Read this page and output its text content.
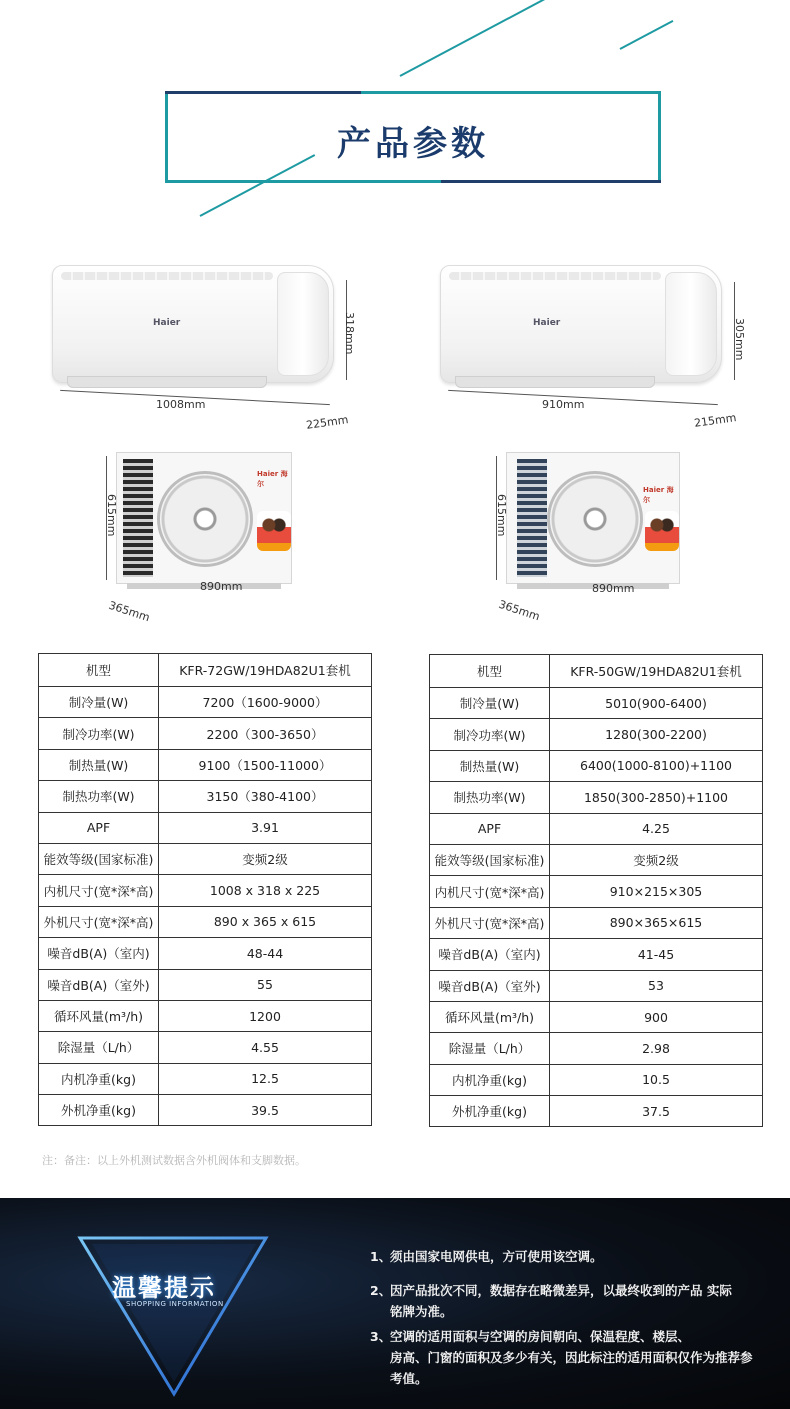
产品参数
Haier	318mm
1008mm
225mm
Haier	305mm
910mm
215mm
Haier 海尔
615mm
890mm
365mm
Haier 海尔
615mm
890mm
365mm
机型	KFR-72GW/19HDA82U1套机
制冷量(W)	7200（1600-9000）
制冷功率(W)	2200（300-3650）
制热量(W)	9100（1500-11000）
制热功率(W)	3150（380-4100）
APF	3.91
能效等级(国家标准)	变频2级
内机尺寸(宽*深*高)	1008 x 318 x 225
外机尺寸(宽*深*高)	890 x 365 x 615
噪音dB(A)（室内)	48-44
噪音dB(A)（室外)	55
循环风量(m³/h)	1200
除湿量（L/h）	4.55
内机净重(kg)	12.5
外机净重(kg)	39.5
机型	KFR-50GW/19HDA82U1套机
制冷量(W)	5010(900-6400)
制冷功率(W)	1280(300-2200)
制热量(W)	6400(1000-8100)+1100
制热功率(W)	1850(300-2850)+1100
APF	4.25
能效等级(国家标准)	变频2级
内机尺寸(宽*深*高)	910×215×305
外机尺寸(宽*深*高)	890×365×615
噪音dB(A)（室内)	41-45
噪音dB(A)（室外)	53
循环风量(m³/h)	900
除湿量（L/h）	2.98
内机净重(kg)	10.5
外机净重(kg)	37.5
注：备注：以上外机测试数据含外机阀体和支脚数据。
温馨提示
SHOPPING INFORMATION
1、须由国家电网供电，方可使用该空调。
2、因产品批次不同，数据存在略微差异，以最终收到的产品 实际
铭牌为准。
3、空调的适用面积与空调的房间朝向、保温程度、楼层、
房高、门窗的面积及多少有关，因此标注的适用面积仅作为推荐参考值。
